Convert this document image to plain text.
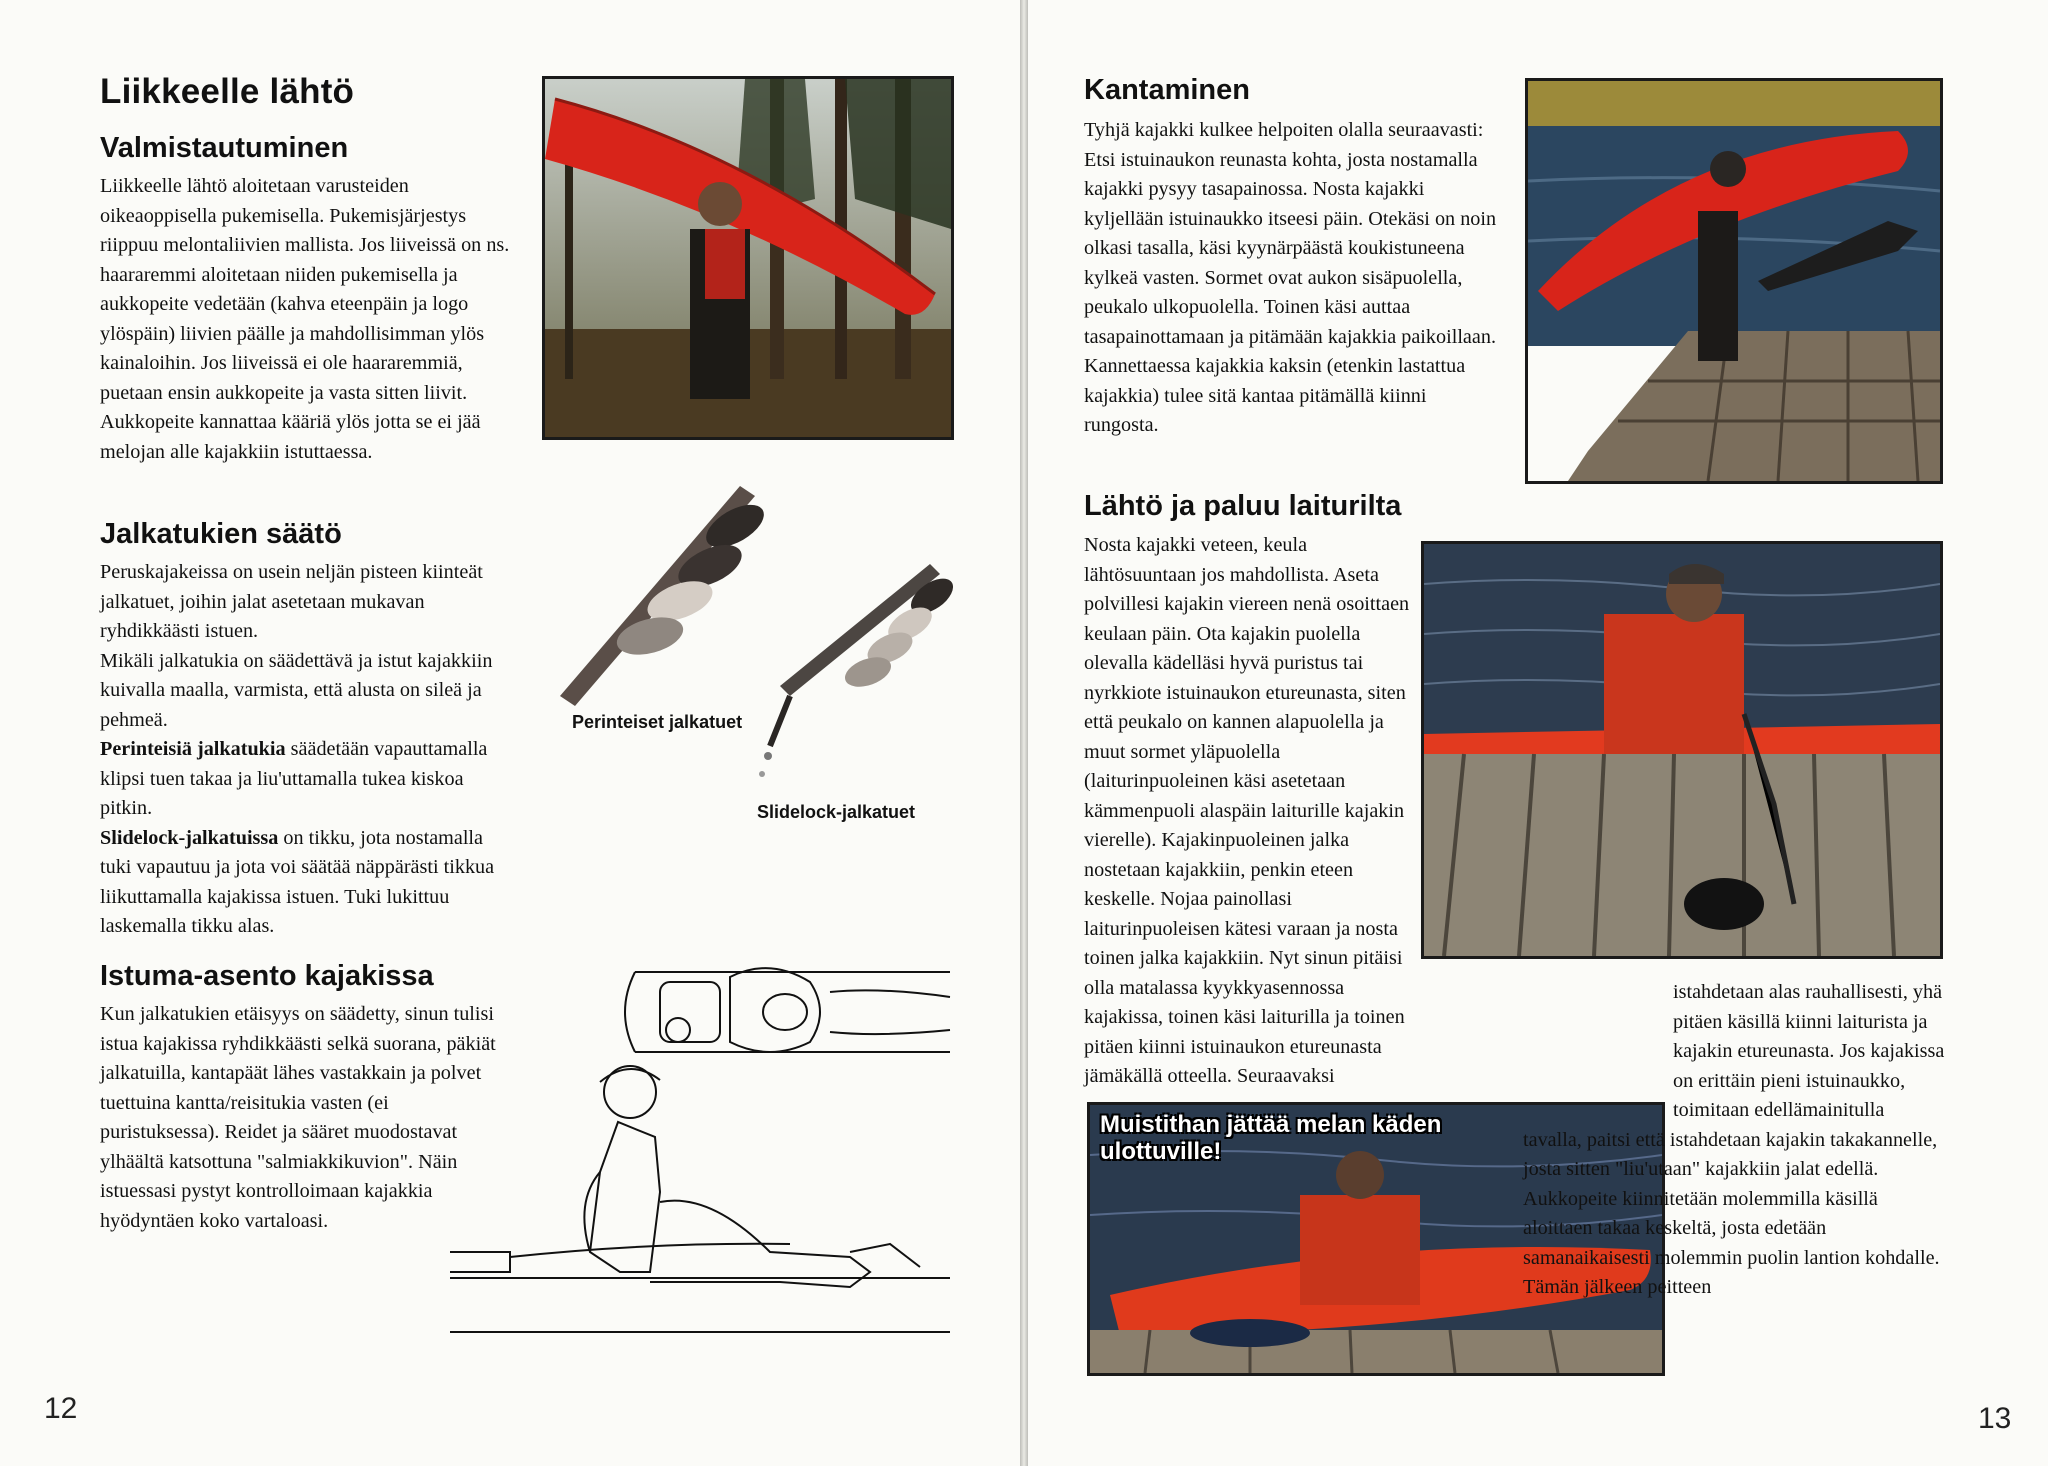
Liikkeelle lähtö
Valmistautuminen

Liikkeelle lähtö aloitetaan varusteiden oikeaoppisella pukemisella. Pukemisjärjestys riippuu melontaliivien mallista. Jos liiveissä on ns. haararemmi aloitetaan niiden pukemisella ja aukkopeite vedetään (kahva eteenpäin ja logo ylöspäin) liivien päälle ja mahdollisimman ylös kainaloihin. Jos liiveissä ei ole haararemmiä, puetaan ensin aukkopeite ja vasta sitten liivit. Aukkopeite kannattaa kääriä ylös jotta se ei jää melojan alle kajakkiin istuttaessa.

Jalkatukien säätö

Peruskajakeissa on usein neljän pisteen kiinteät jalkatuet, joihin jalat asetetaan mukavan ryhdikkäästi istuen.

Mikäli jalkatukia on säädettävä ja istut kajakkiin kuivalla maalla, varmista, että alusta on sileä ja pehmeä.

Perinteisiä jalkatukia säädetään vapauttamalla klipsi tuen takaa ja liu'uttamalla tukea kiskoa pitkin.

Slidelock-jalkatuissa on tikku, jota nostamalla tuki vapautuu ja jota voi säätää näppärästi tikkua liikuttamalla kajakissa istuen. Tuki lukittuu laskemalla tikku alas.

Istuma-asento kajakissa

Kun jalkatukien etäisyys on säädetty, sinun tulisi istua kajakissa ryhdikkäästi selkä suorana, päkiät jalkatuilla, kantapäät lähes vastakkain ja polvet tuettuina kantta/reisitukia vasten (ei puristuksessa). Reidet ja sääret muodostavat ylhäältä katsottuna "salmiakkikuvion". Näin istuessasi pystyt kontrolloimaan kajakkia hyödyntäen koko vartaloasi.

Perinteiset jalkatuet
Slidelock-jalkatuet
12
Kantaminen

Tyhjä kajakki kulkee helpoiten olalla seuraavasti: Etsi istuinaukon reunasta kohta, josta nostamalla kajakki pysyy tasapainossa. Nosta kajakki kyljellään istuinaukko itseesi päin. Otekäsi on noin olkasi tasalla, käsi kyynärpäästä koukistuneena kylkeä vasten. Sormet ovat aukon sisäpuolella, peukalo ulkopuolella. Toinen käsi auttaa tasapainottamaan ja pitämään kajakkia paikoillaan. Kannettaessa kajakkia kaksin (etenkin lastattua kajakkia) tulee sitä kantaa pitämällä kiinni rungosta.

Lähtö ja paluu laiturilta

Nosta kajakki veteen, keula lähtösuuntaan jos mahdollista. Aseta polvillesi kajakin viereen nenä osoittaen keulaan päin. Ota kajakin puolella olevalla kädelläsi hyvä puristus tai nyrkkiote istuinaukon etureunasta, siten että peukalo on kannen alapuolella ja muut sormet yläpuolella (laiturinpuoleinen käsi asetetaan kämmenpuoli alaspäin laiturille kajakin vierelle). Kajakinpuoleinen jalka nostetaan kajakkiin, penkin eteen keskelle. Nojaa painollasi laiturinpuoleisen kätesi varaan ja nosta toinen jalka kajakkiin. Nyt sinun pitäisi olla matalassa kyykkyasennossa kajakissa, toinen käsi laiturilla ja toinen pitäen kiinni istuinaukon etureunasta jämäkällä otteella. Seuraavaksi

Muistithan jättää melan käden ulottuville!

istahdetaan alas rauhallisesti, yhä pitäen käsillä kiinni laiturista ja kajakin etureunasta. Jos kajakissa on erittäin pieni istuinaukko, toimitaan edellämainitulla tavalla, paitsi että istahdetaan kajakin takakannelle, josta sitten "liu'utaan" kajakkiin jalat edellä. Aukkopeite kiinnitetään molemmilla käsillä aloittaen takaa keskeltä, josta edetään samanaikaisesti molemmin puolin lantion kohdalle. Tämän jälkeen peitteen

13
